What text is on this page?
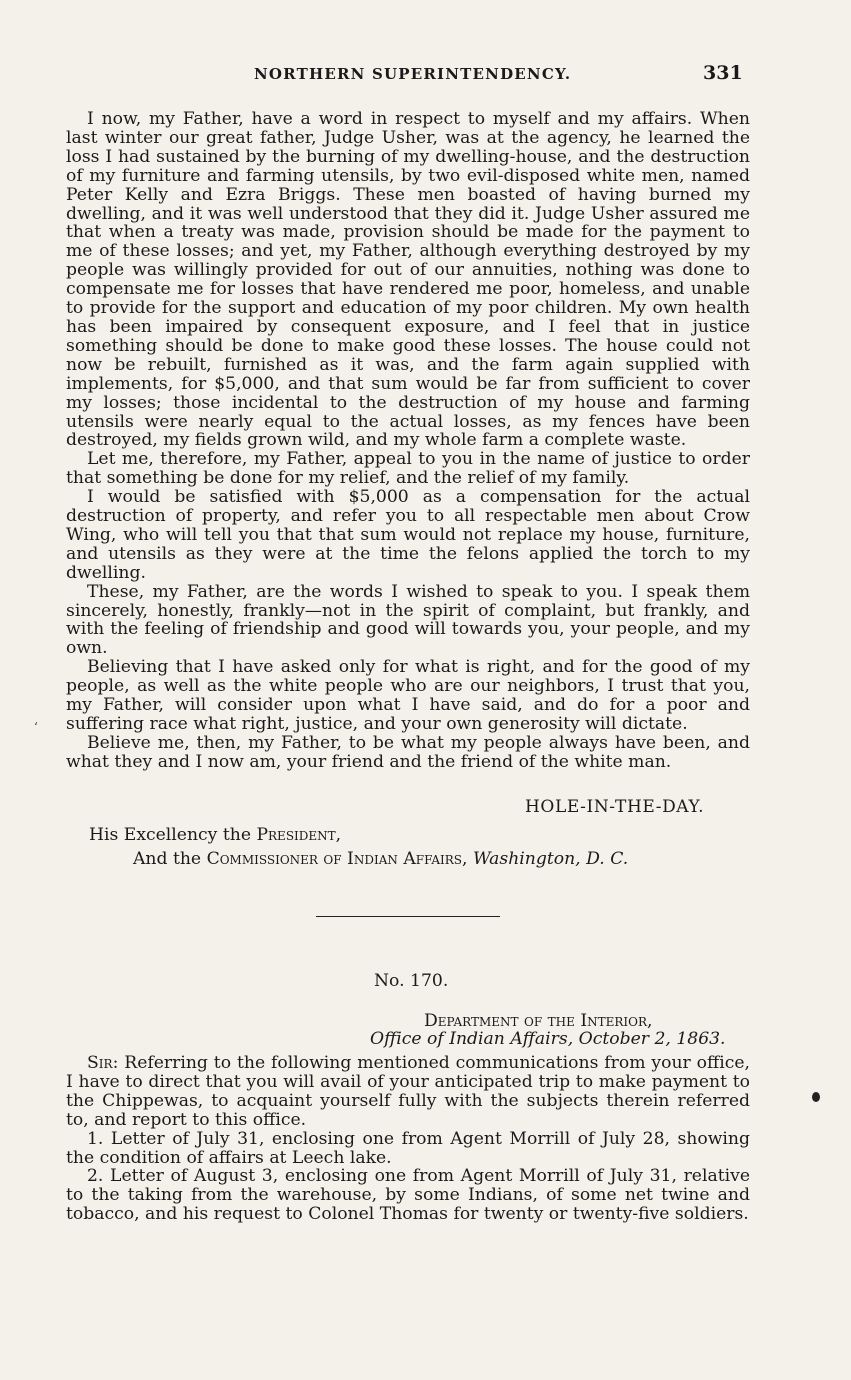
NORTHERN SUPERINTENDENCY.	331

I now, my Father, have a word in respect to myself and my affairs. When last winter our great father, Judge Usher, was at the agency, he learned the loss I had sustained by the burning of my dwelling-house, and the destruction of my furniture and farming utensils, by two evil-disposed white men, named Peter Kelly and Ezra Briggs. These men boasted of having burned my dwelling, and it was well understood that they did it. Judge Usher assured me that when a treaty was made, provision should be made for the payment to me of these losses; and yet, my Father, although everything destroyed by my people was willingly provided for out of our annuities, nothing was done to compensate me for losses that have rendered me poor, homeless, and unable to provide for the support and education of my poor children. My own health has been impaired by consequent exposure, and I feel that in justice something should be done to make good these losses. The house could not now be rebuilt, furnished as it was, and the farm again supplied with implements, for $5,000, and that sum would be far from sufficient to cover my losses; those incidental to the destruction of my house and farming utensils were nearly equal to the actual losses, as my fences have been destroyed, my fields grown wild, and my whole farm a complete waste.

Let me, therefore, my Father, appeal to you in the name of justice to order that something be done for my relief, and the relief of my family.

I would be satisfied with $5,000 as a compensation for the actual destruction of property, and refer you to all respectable men about Crow Wing, who will tell you that that sum would not replace my house, furniture, and utensils as they were at the time the felons applied the torch to my dwelling.

These, my Father, are the words I wished to speak to you. I speak them sincerely, honestly, frankly—not in the spirit of complaint, but frankly, and with the feeling of friendship and good will towards you, your people, and my own.

Believing that I have asked only for what is right, and for the good of my people, as well as the white people who are our neighbors, I trust that you, my Father, will consider upon what I have said, and do for a poor and suffering race what right, justice, and your own generosity will dictate.

Believe me, then, my Father, to be what my people always have been, and what they and I now am, your friend and the friend of the white man.

HOLE-IN-THE-DAY.
His Excellency the President,
And the Commissioner of Indian Affairs, Washington, D. C.
No. 170.
Department of the Interior,
Office of Indian Affairs, October 2, 1863.

Sir: Referring to the following mentioned communications from your office, I have to direct that you will avail of your anticipated trip to make payment to the Chippewas, to acquaint yourself fully with the subjects therein referred to, and report to this office.

1. Letter of July 31, enclosing one from Agent Morrill of July 28, showing the condition of affairs at Leech lake.

2. Letter of August 3, enclosing one from Agent Morrill of July 31, relative to the taking from the warehouse, by some Indians, of some net twine and tobacco, and his request to Colonel Thomas for twenty or twenty-five soldiers.

‘
